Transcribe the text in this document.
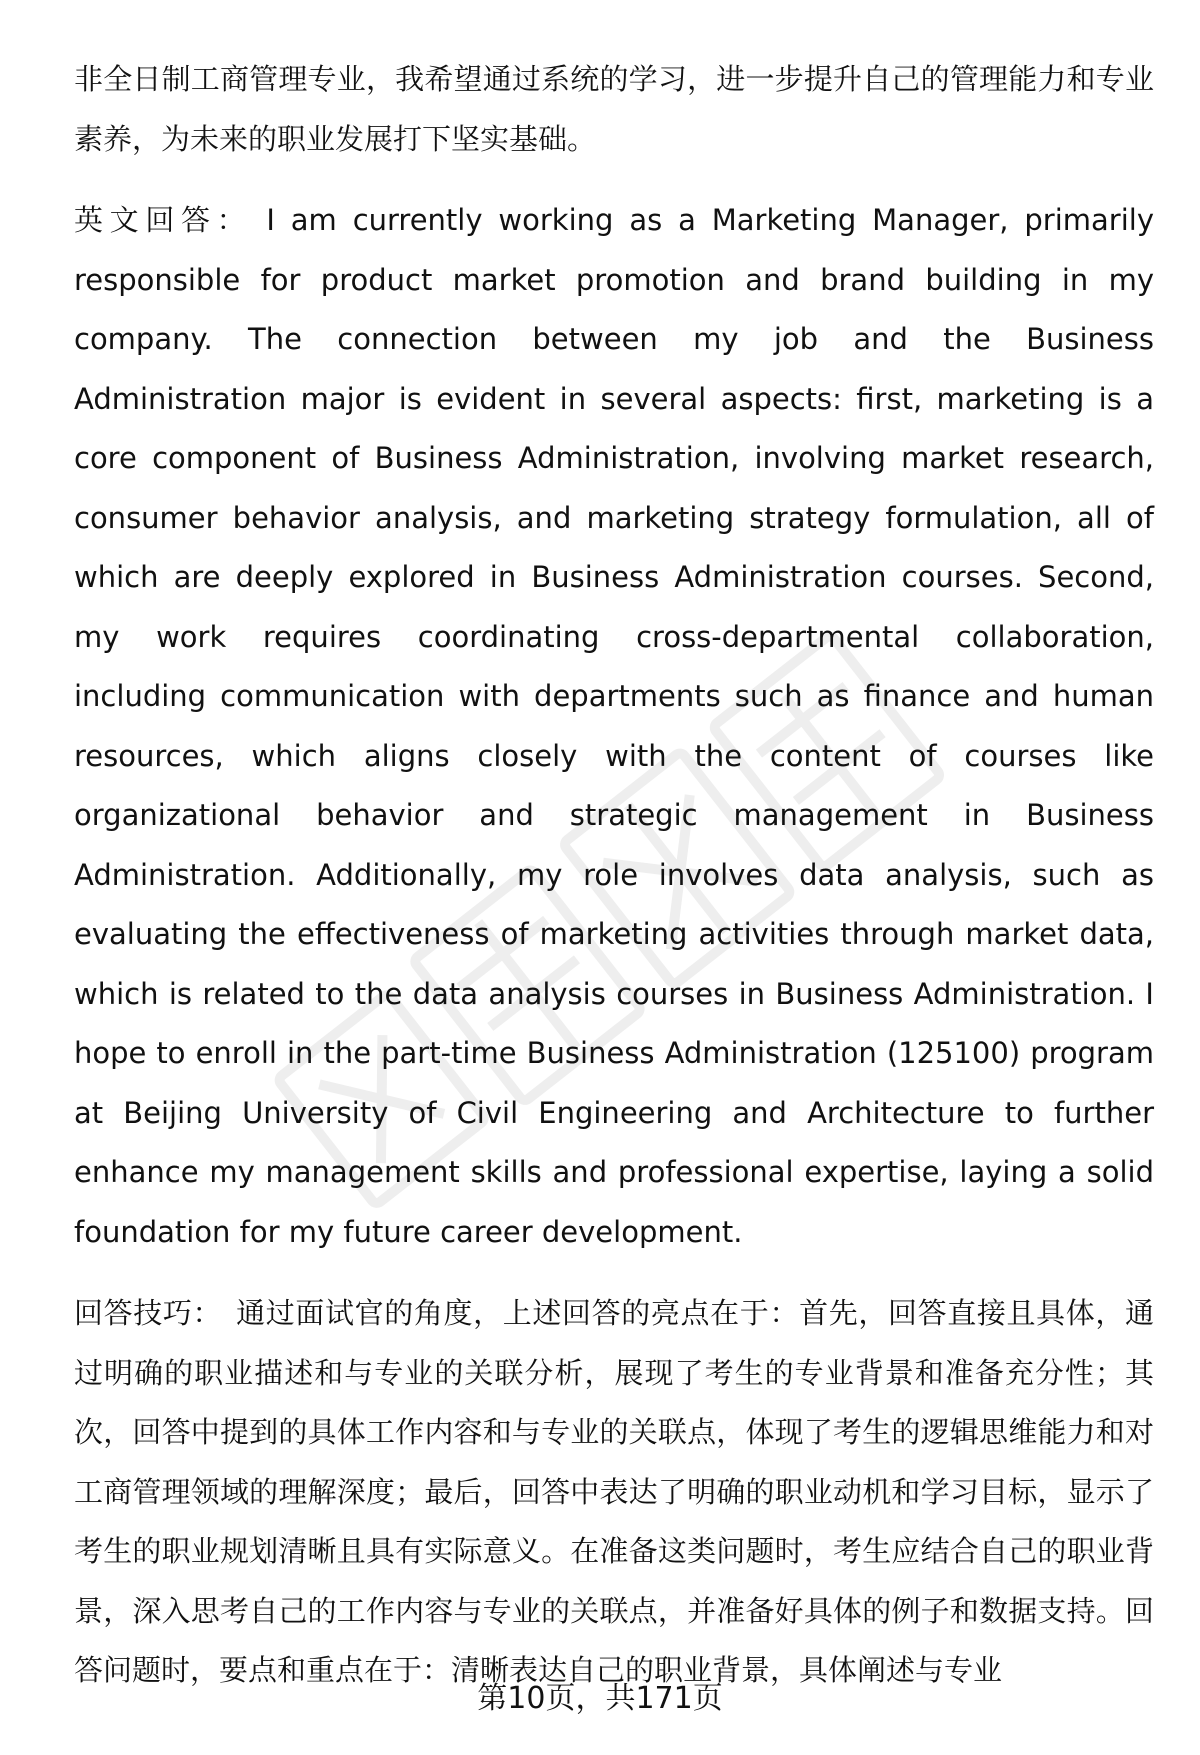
非全日制工商管理专业，我希望通过系统的学习，进一步提升自己的管理能力和专业素养，为未来的职业发展打下坚实基础。

英文回答： I am currently working as a Marketing Manager, primarily responsible for product market promotion and brand building in my company. The connection between my job and the Business Administration major is evident in several aspects: first, marketing is a core component of Business Administration, involving market research, consumer behavior analysis, and marketing strategy formulation, all of which are deeply explored in Business Administration courses. Second, my work requires coordinating cross-departmental collaboration, including communication with departments such as finance and human resources, which aligns closely with the content of courses like organizational behavior and strategic management in Business Administration. Additionally, my role involves data analysis, such as evaluating the effectiveness of marketing activities through market data, which is related to the data analysis courses in Business Administration. I hope to enroll in the part-time Business Administration (125100) program at Beijing University of Civil Engineering and Architecture to further enhance my management skills and professional expertise, laying a solid foundation for my future career development.

回答技巧： 通过面试官的角度，上述回答的亮点在于：首先，回答直接且具体，通过明确的职业描述和与专业的关联分析，展现了考生的专业背景和准备充分性；其次，回答中提到的具体工作内容和与专业的关联点，体现了考生的逻辑思维能力和对工商管理领域的理解深度；最后，回答中表达了明确的职业动机和学习目标，显示了考生的职业规划清晰且具有实际意义。在准备这类问题时，考生应结合自己的职业背景，深入思考自己的工作内容与专业的关联点，并准备好具体的例子和数据支持。回答问题时，要点和重点在于：清晰表达自己的职业背景，具体阐述与专业

第10页，共171页
